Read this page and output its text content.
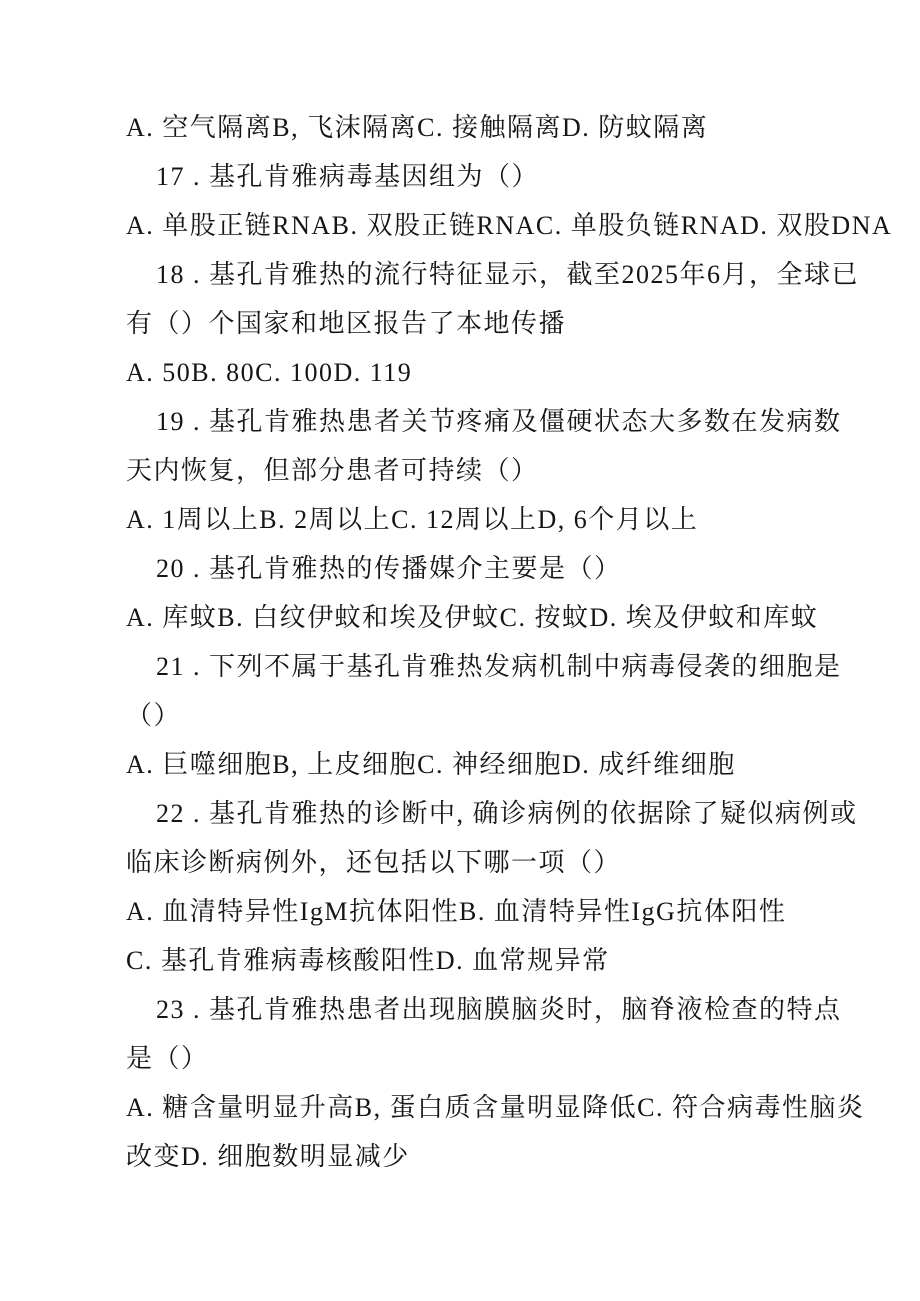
A. 空气隔离B, 飞沫隔离C. 接触隔离D. 防蚊隔离
17 . 基孔肯雅病毒基因组为（）
A. 单股正链RNAB. 双股正链RNAC. 单股负链RNAD. 双股DNA
18 . 基孔肯雅热的流行特征显示，截至2025年6月，全球已
有（）个国家和地区报告了本地传播
A. 50B. 80C. 100D. 119
19 . 基孔肯雅热患者关节疼痛及僵硬状态大多数在发病数
天内恢复，但部分患者可持续（）
A. 1周以上B. 2周以上C. 12周以上D, 6个月以上
20 . 基孔肯雅热的传播媒介主要是（）
A. 库蚊B. 白纹伊蚊和埃及伊蚊C. 按蚊D. 埃及伊蚊和库蚊
21 . 下列不属于基孔肯雅热发病机制中病毒侵袭的细胞是
（）
A. 巨噬细胞B, 上皮细胞C. 神经细胞D. 成纤维细胞
22 . 基孔肯雅热的诊断中, 确诊病例的依据除了疑似病例或
临床诊断病例外，还包括以下哪一项（）
A. 血清特异性IgM抗体阳性B. 血清特异性IgG抗体阳性
C. 基孔肯雅病毒核酸阳性D. 血常规异常
23 . 基孔肯雅热患者出现脑膜脑炎时，脑脊液检查的特点
是（）
A. 糖含量明显升高B, 蛋白质含量明显降低C. 符合病毒性脑炎
改变D. 细胞数明显减少
